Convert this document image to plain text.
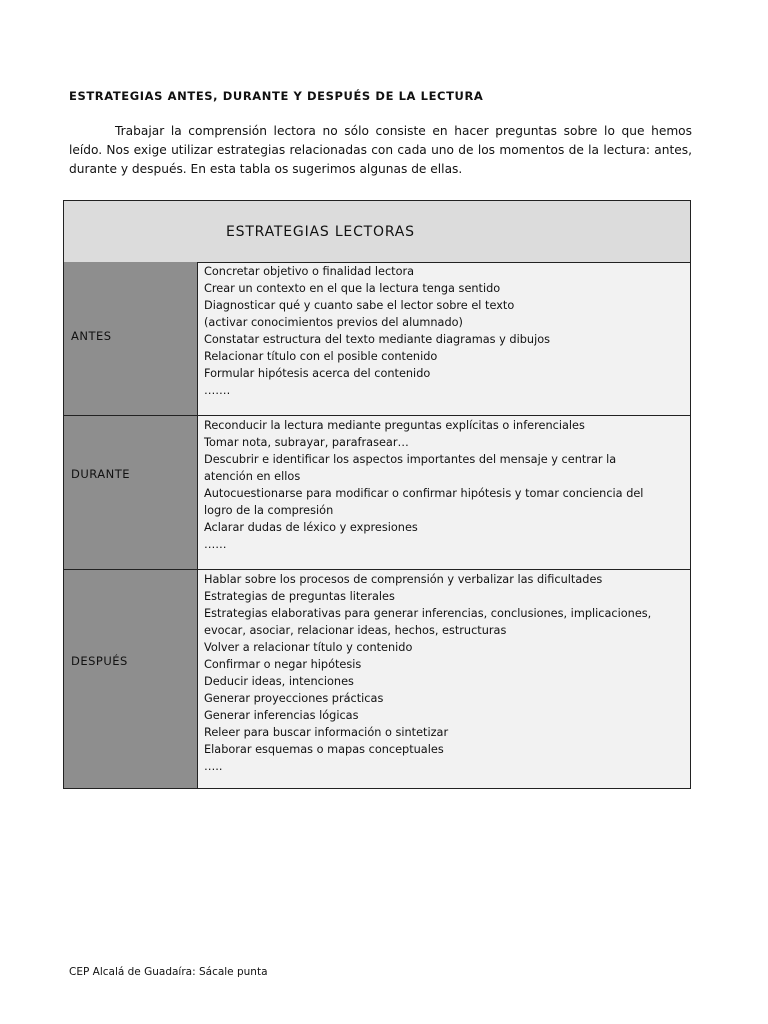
ESTRATEGIAS ANTES, DURANTE Y DESPUÉS DE LA LECTURA

Trabajar la comprensión lectora no sólo consiste en hacer preguntas sobre lo que hemos leído. Nos exige utilizar estrategias relacionadas con cada uno de los momentos de la lectura: antes, durante y después. En esta tabla os sugerimos algunas de ellas.

ESTRATEGIAS LECTORAS
ANTES
Concretar objetivo o finalidad lectora
Crear un contexto en el que la lectura tenga sentido
Diagnosticar qué y cuanto sabe el lector sobre el texto
(activar conocimientos previos del alumnado)
Constatar estructura del texto mediante diagramas y dibujos
Relacionar título con el posible contenido
Formular hipótesis acerca del contenido
…….
DURANTE
Reconducir la lectura mediante preguntas explícitas o inferenciales
Tomar nota, subrayar, parafrasear…
Descubrir e identificar los aspectos importantes del mensaje y centrar la
atención en ellos
Autocuestionarse para modificar o confirmar hipótesis y tomar conciencia del
logro de la compresión
Aclarar dudas de léxico y expresiones
……
DESPUÉS
Hablar sobre los procesos de comprensión y verbalizar las dificultades
Estrategias de preguntas literales
Estrategias elaborativas para generar inferencias, conclusiones, implicaciones,
evocar, asociar, relacionar ideas, hechos, estructuras
Volver a relacionar título y contenido
Confirmar o negar hipótesis
Deducir ideas, intenciones
Generar proyecciones prácticas
Generar inferencias lógicas
Releer para buscar información o sintetizar
Elaborar esquemas o mapas conceptuales
…..
CEP Alcalá de Guadaíra: Sácale punta
